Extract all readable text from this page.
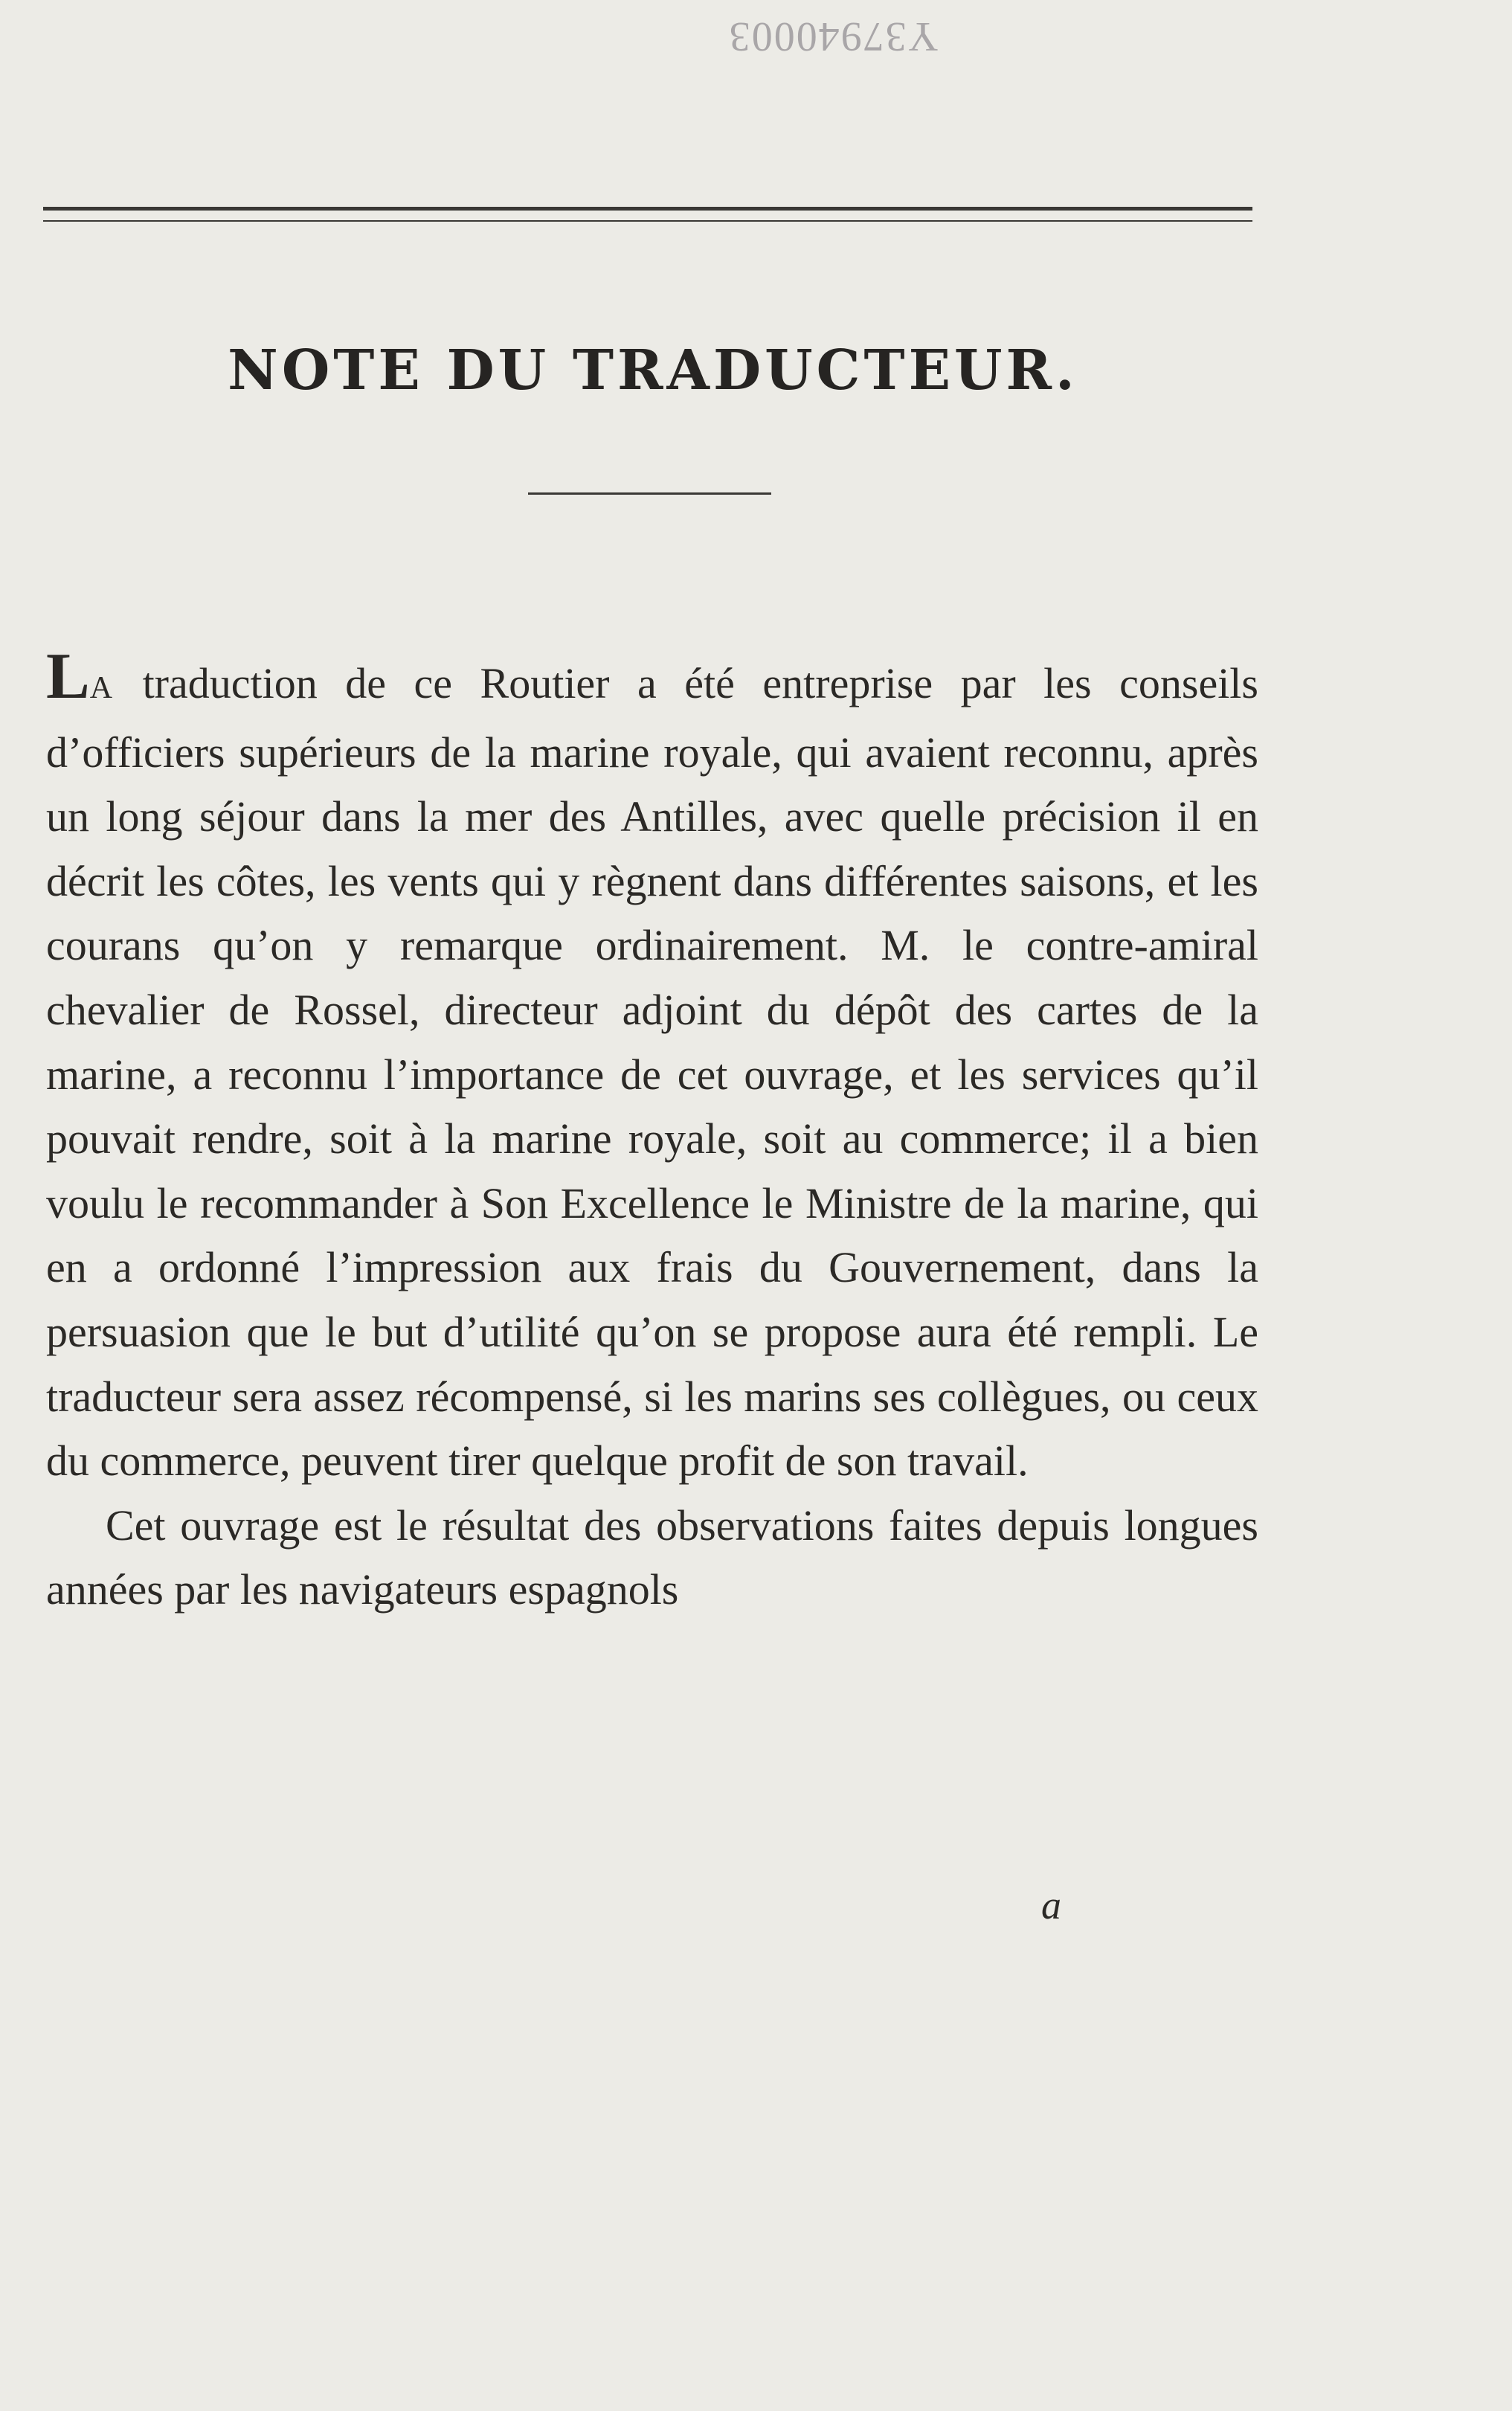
Y37940003
NOTE DU TRADUCTEUR.

LA traduction de ce Routier a été entreprise par les conseils d’officiers supérieurs de la marine royale, qui avaient reconnu, après un long séjour dans la mer des Antilles, avec quelle précision il en décrit les côtes, les vents qui y règnent dans différentes saisons, et les courans qu’on y remarque ordinairement. M. le contre-amiral chevalier de Rossel, directeur adjoint du dépôt des cartes de la marine, a reconnu l’importance de cet ouvrage, et les services qu’il pouvait rendre, soit à la marine royale, soit au commerce; il a bien voulu le recommander à Son Excellence le Ministre de la marine, qui en a ordonné l’impression aux frais du Gouvernement, dans la persuasion que le but d’utilité qu’on se propose aura été rempli. Le traducteur sera assez récompensé, si les marins ses collègues, ou ceux du commerce, peuvent tirer quelque profit de son travail.

Cet ouvrage est le résultat des observations faites depuis longues années par les navigateurs espagnols

a
